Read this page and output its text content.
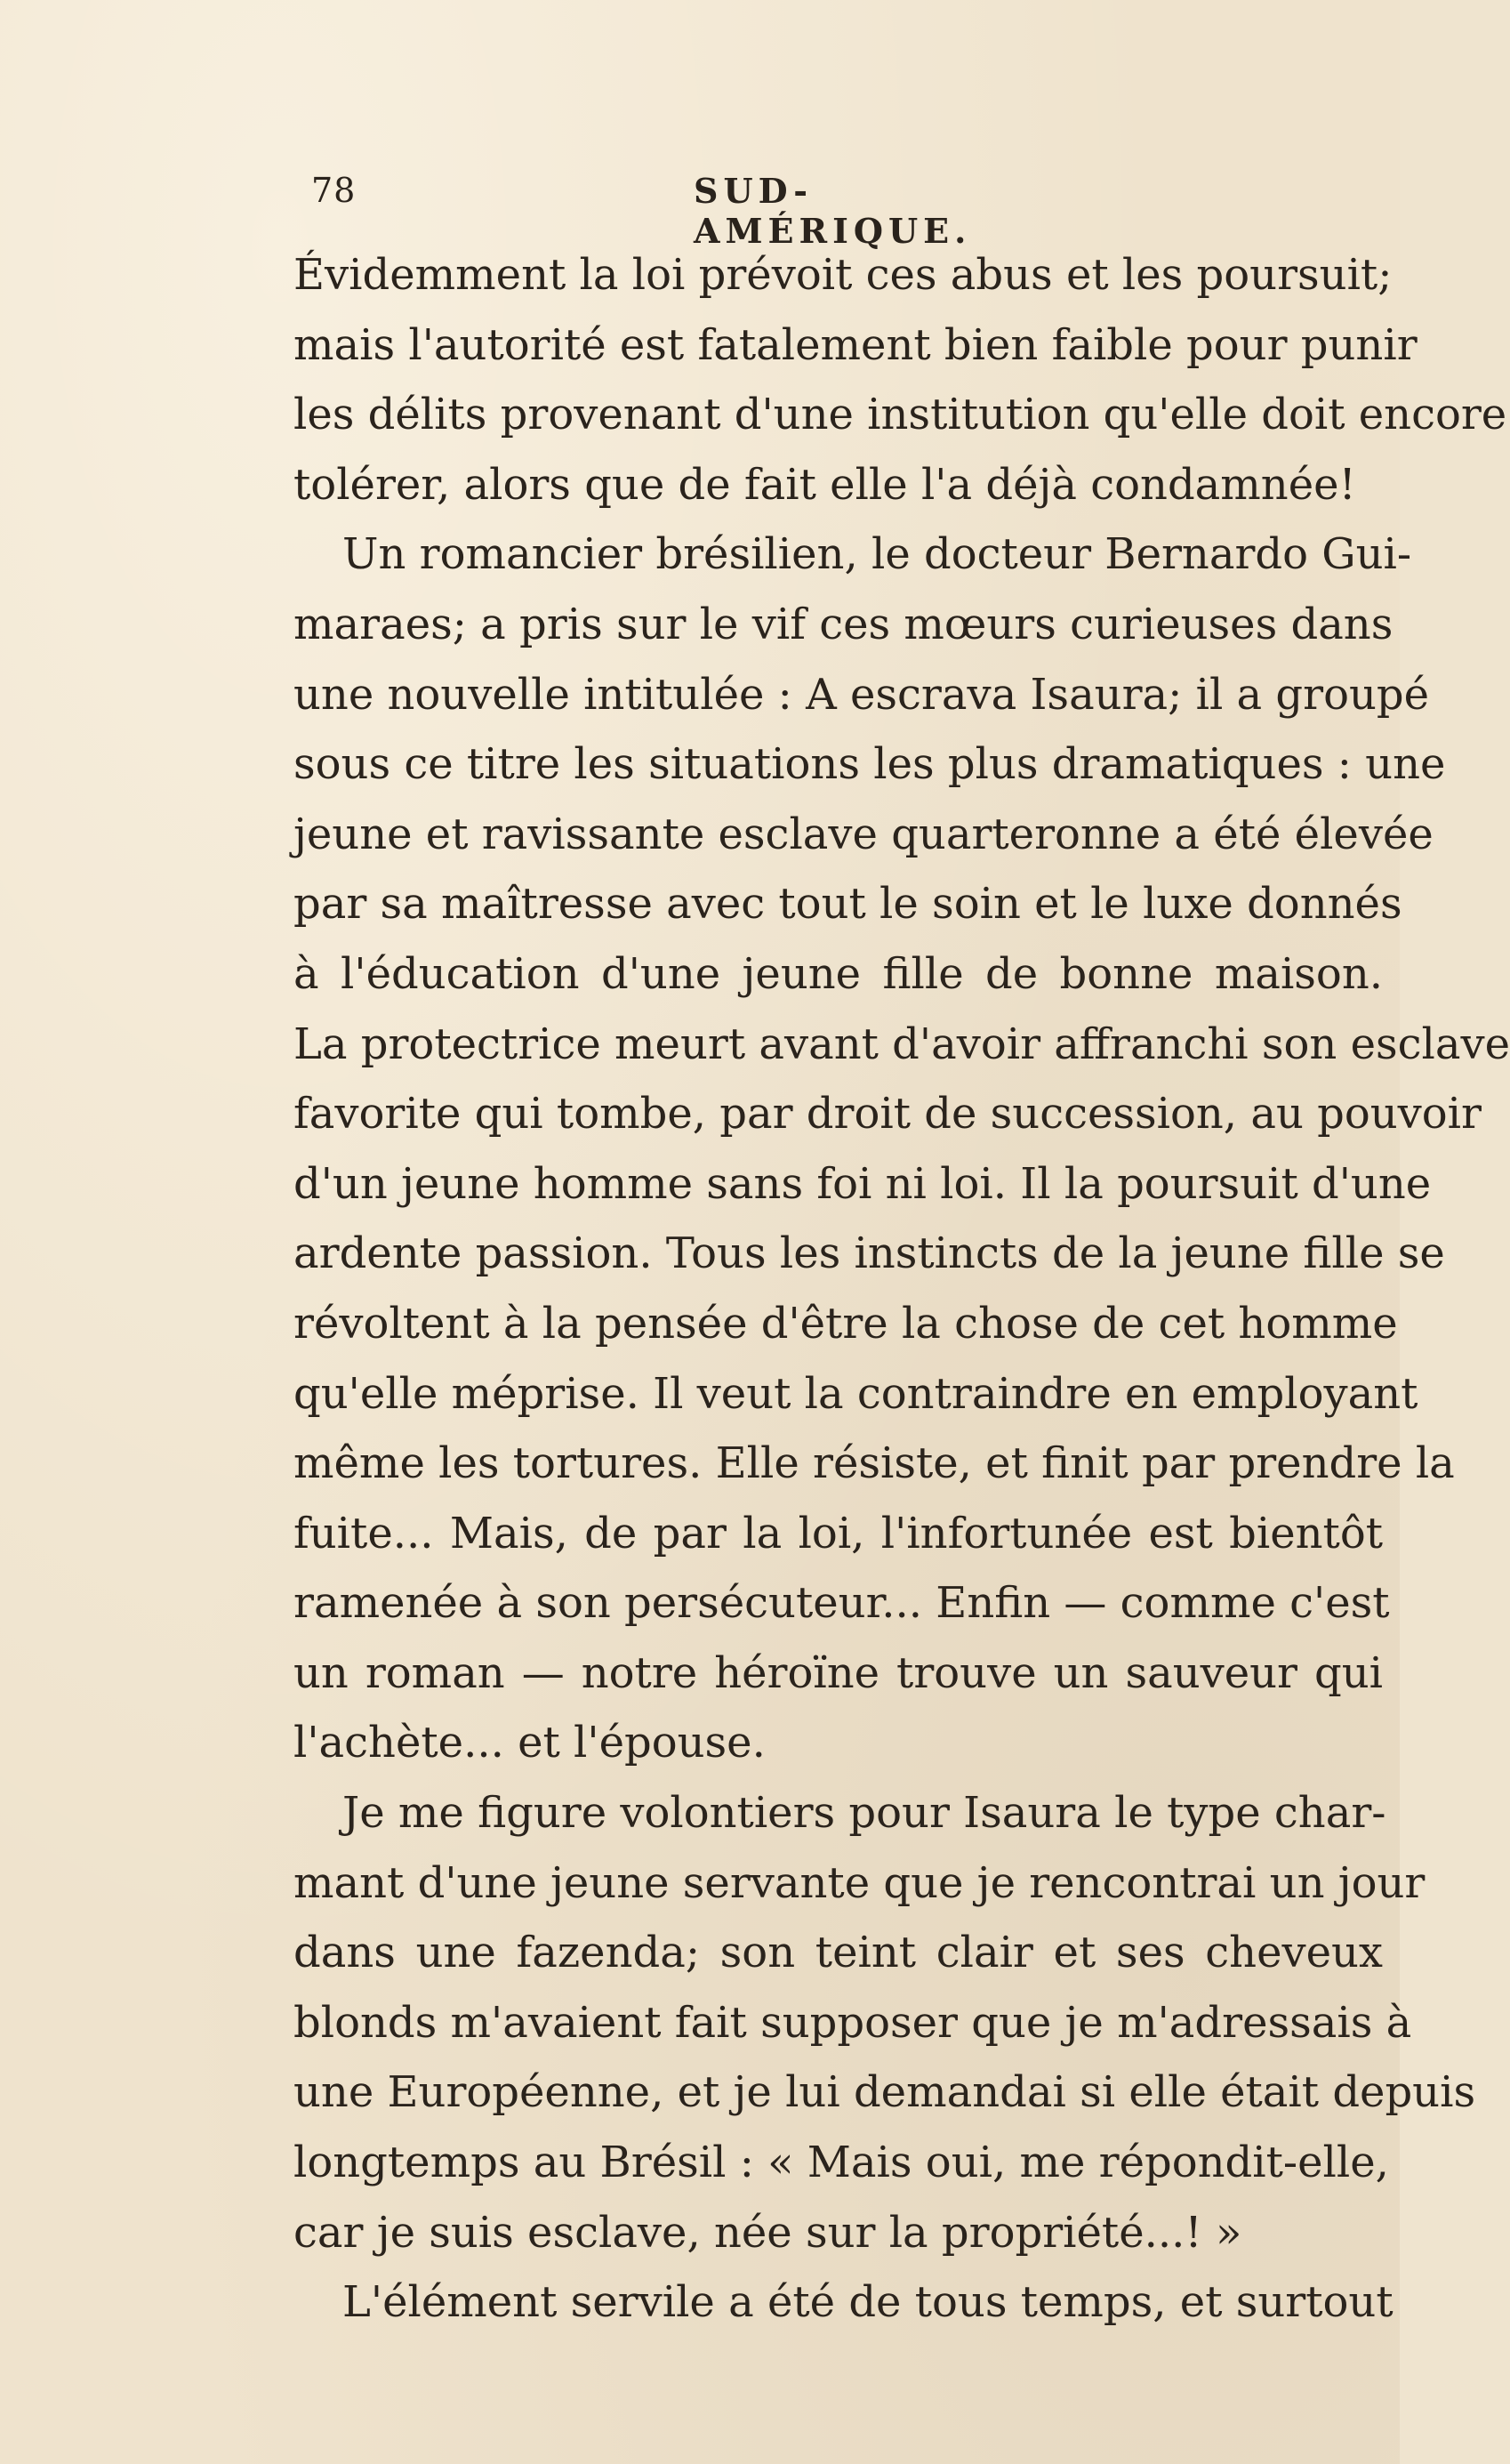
78	SUD-AMÉRIQUE.
Évidemment la loi prévoit ces abus et les poursuit;
mais l'autorité est fatalement bien faible pour punir
les délits provenant d'une institution qu'elle doit encore
tolérer, alors que de fait elle l'a déjà condamnée!
Un romancier brésilien, le docteur Bernardo Gui-
maraes; a pris sur le vif ces mœurs curieuses dans
une nouvelle intitulée : A escrava Isaura; il a groupé
sous ce titre les situations les plus dramatiques : une
jeune et ravissante esclave quarteronne a été élevée
par sa maîtresse avec tout le soin et le luxe donnés
à l'éducation d'une jeune fille de bonne maison.
La protectrice meurt avant d'avoir affranchi son esclave
favorite qui tombe, par droit de succession, au pouvoir
d'un jeune homme sans foi ni loi. Il la poursuit d'une
ardente passion. Tous les instincts de la jeune fille se
révoltent à la pensée d'être la chose de cet homme
qu'elle méprise. Il veut la contraindre en employant
même les tortures. Elle résiste, et finit par prendre la
fuite... Mais, de par la loi, l'infortunée est bientôt
ramenée à son persécuteur... Enfin — comme c'est
un roman — notre héroïne trouve un sauveur qui
l'achète... et l'épouse.
Je me figure volontiers pour Isaura le type char-
mant d'une jeune servante que je rencontrai un jour
dans une fazenda; son teint clair et ses cheveux
blonds m'avaient fait supposer que je m'adressais à
une Européenne, et je lui demandai si elle était depuis
longtemps au Brésil : « Mais oui, me répondit-elle,
car je suis esclave, née sur la propriété...! »
L'élément servile a été de tous temps, et surtout
